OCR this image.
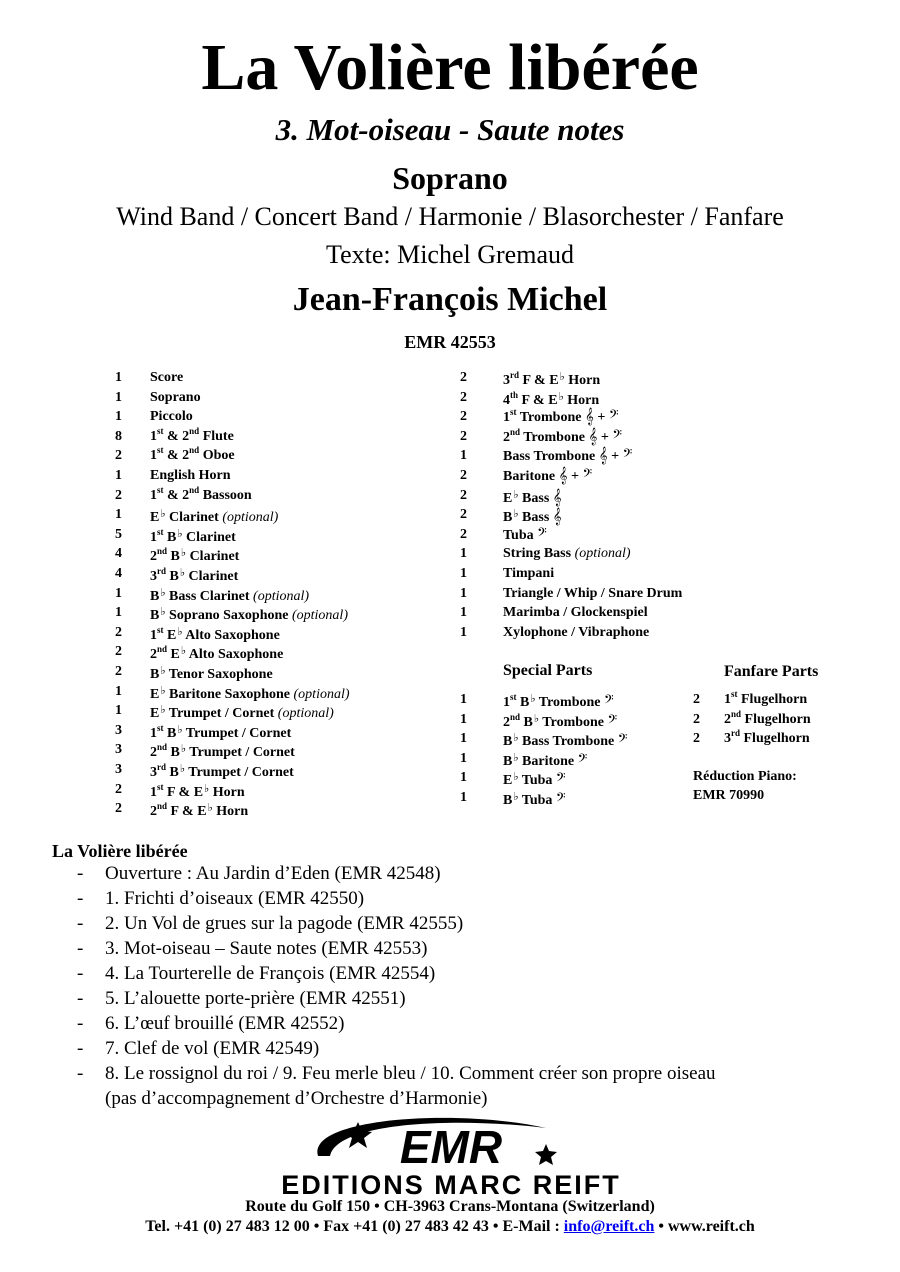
La Volière libérée
3. Mot-oiseau - Saute notes
Soprano
Wind Band / Concert Band / Harmonie / Blasorchester / Fanfare
Texte: Michel Gremaud
Jean-François Michel
EMR 42553
1 Score
1 Soprano
1 Piccolo
8 1st & 2nd Flute
2 1st & 2nd Oboe
1 English Horn
2 1st & 2nd Bassoon
1 E♭ Clarinet (optional)
5 1st B♭ Clarinet
4 2nd B♭ Clarinet
4 3rd B♭ Clarinet
1 B♭ Bass Clarinet (optional)
1 B♭ Soprano Saxophone (optional)
2 1st E♭ Alto Saxophone
2 2nd E♭ Alto Saxophone
2 B♭ Tenor Saxophone
1 E♭ Baritone Saxophone (optional)
1 E♭ Trumpet / Cornet (optional)
3 1st B♭ Trumpet / Cornet
3 2nd B♭ Trumpet / Cornet
3 3rd B♭ Trumpet / Cornet
2 1st F & E♭ Horn
2 2nd F & E♭ Horn
2	3rd F & E♭ Horn
2	4th F & E♭ Horn
2	1st Trombone 𝄞 + 𝄢
2	2nd Trombone 𝄞 + 𝄢
1	Bass Trombone 𝄞 + 𝄢
2	Baritone 𝄞 + 𝄢
2	E♭ Bass 𝄞
2	B♭ Bass 𝄞
2	Tuba 𝄢
1	String Bass (optional)
1	Timpani
1	Triangle / Whip / Snare Drum
1	Marimba / Glockenspiel
1	Xylophone / Vibraphone
Special Parts
1	1st B♭ Trombone 𝄢
1	2nd B♭ Trombone 𝄢
1	B♭ Bass Trombone 𝄢
1	B♭ Baritone 𝄢
1	E♭ Tuba 𝄢
1	B♭ Tuba 𝄢
Fanfare Parts
2 1st Flugelhorn
2 2nd Flugelhorn
2 3rd Flugelhorn
Réduction Piano:
EMR 70990
La Volière libérée
- Ouverture : Au Jardin d’Eden (EMR 42548)
- 1. Frichti d’oiseaux (EMR 42550)
- 2. Un Vol de grues sur la pagode (EMR 42555)
- 3. Mot-oiseau – Saute notes (EMR 42553)
- 4. La Tourterelle de François (EMR 42554)
- 5. L’alouette porte-prière (EMR 42551)
- 6. L’œuf brouillé (EMR 42552)
- 7. Clef de vol (EMR 42549)
- 8. Le rossignol du roi / 9. Feu merle bleu / 10. Comment créer son propre oiseau
(pas d’accompagnement d’Orchestre d’Harmonie)
EMR
EDITIONS MARC REIFT
Route du Golf 150 • CH-3963 Crans-Montana (Switzerland)
Tel. +41 (0) 27 483 12 00 • Fax +41 (0) 27 483 42 43 • E-Mail : info@reift.ch • www.reift.ch
